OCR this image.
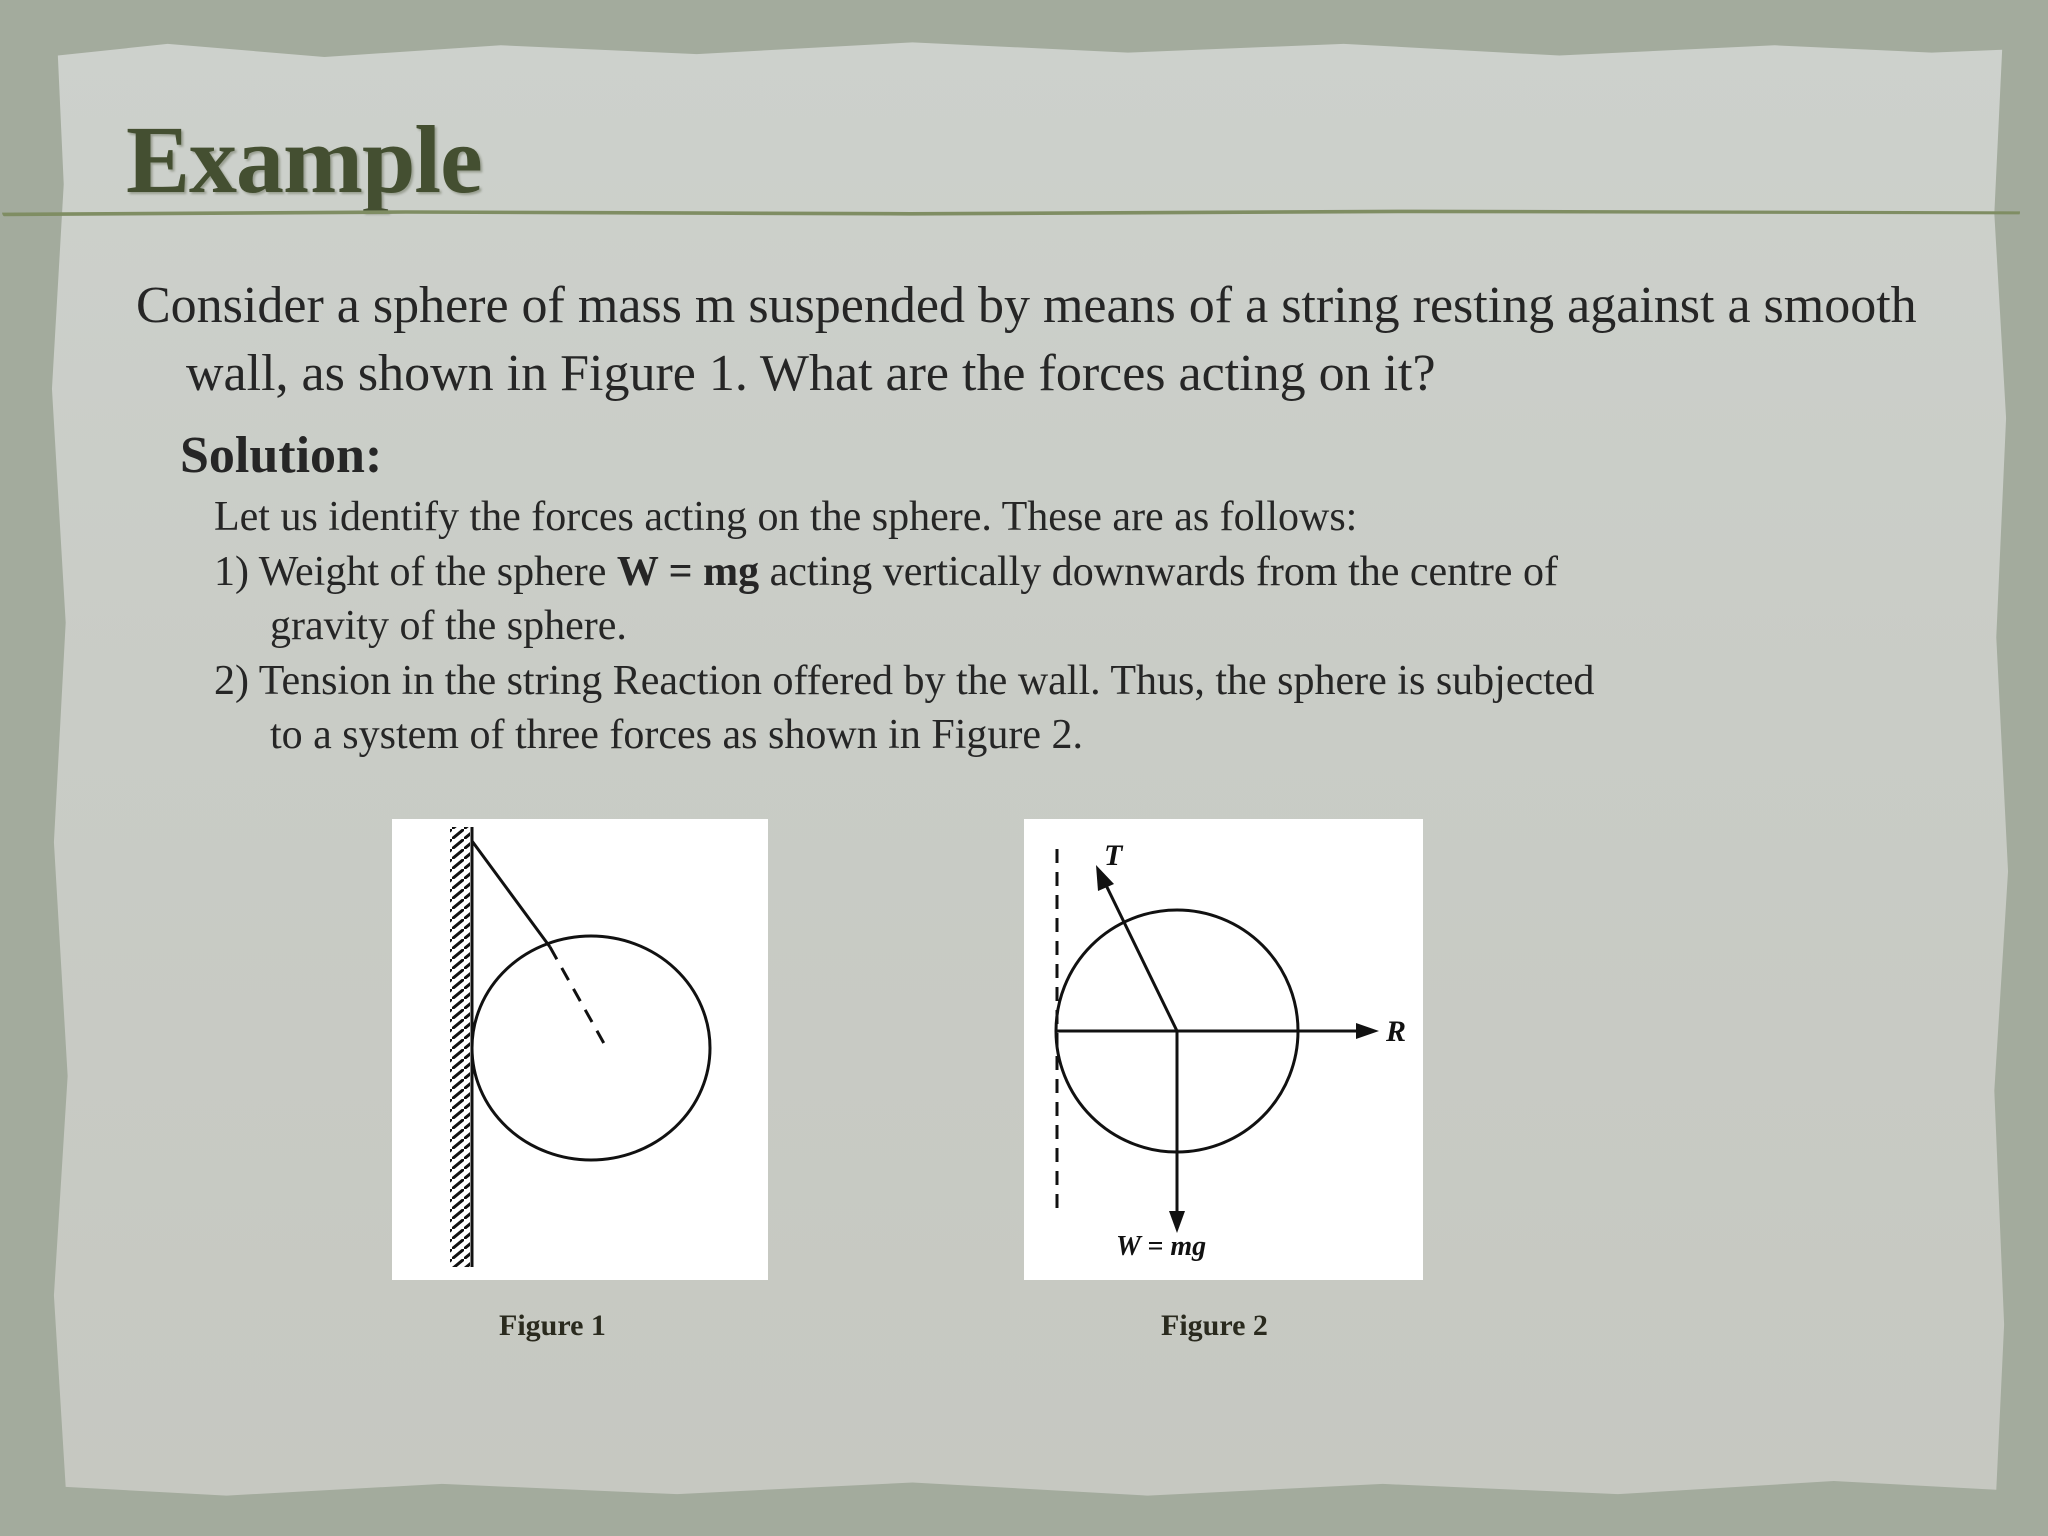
Example
Consider a sphere of mass m suspended by means of a string resting against a smooth wall, as shown in Figure 1. What are the forces acting on it?
Solution:

Let us identify the forces acting on the sphere. These are as follows:

1) Weight of the sphere W = mg acting vertically downwards from the centre of

gravity of the sphere.

2) Tension in the string Reaction offered by the wall. Thus, the sphere is subjected

to a system of three forces as shown in Figure 2.

T
R
W = mg
Figure 1	Figure 2
